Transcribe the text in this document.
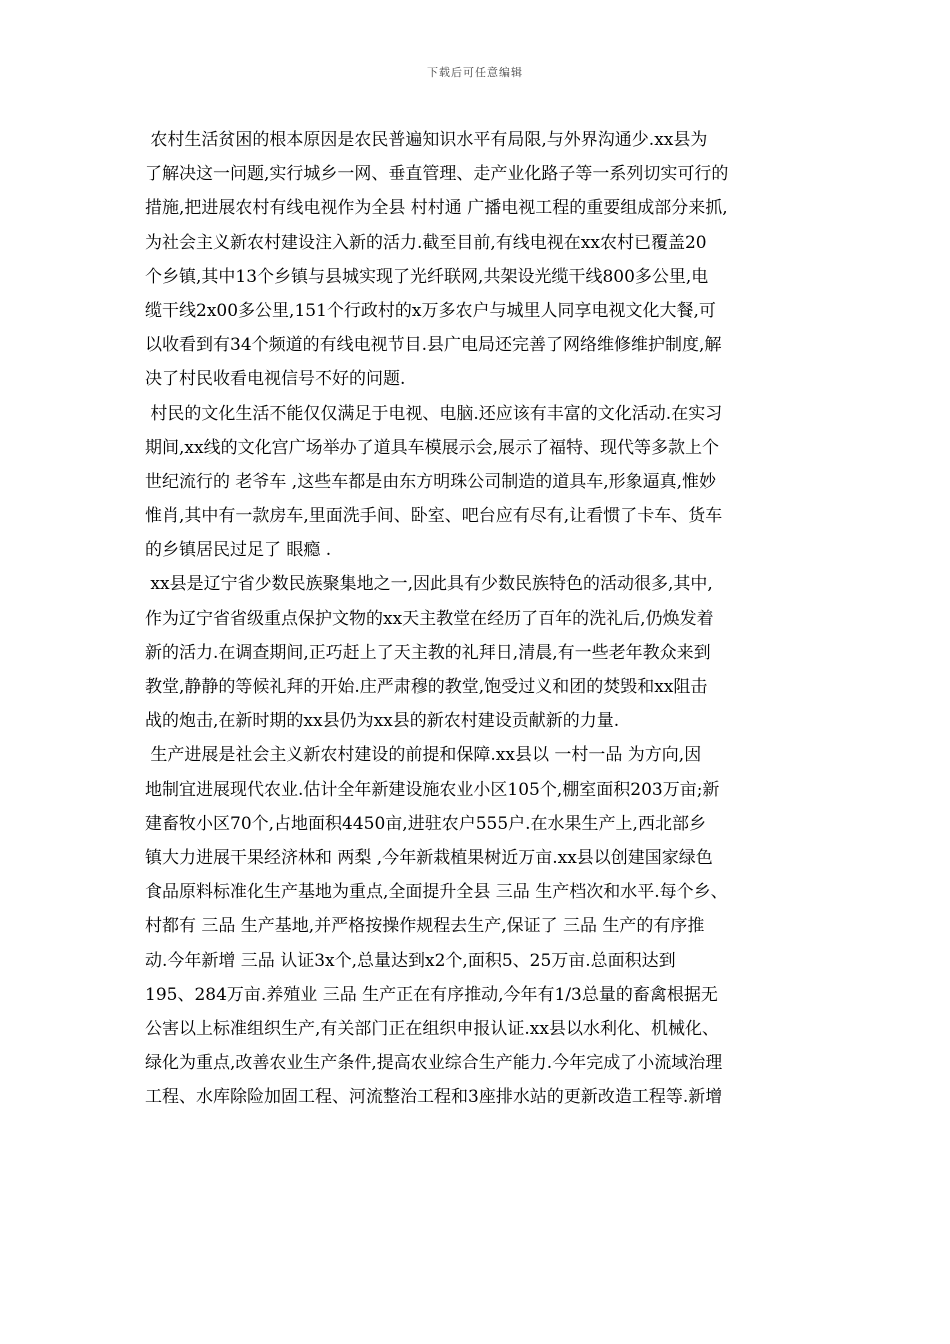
下载后可任意编辑
农村生活贫困的根本原因是农民普遍知识水平有局限,与外界沟通少.xx县为
了解决这一问题,实行城乡一网、垂直管理、走产业化路子等一系列切实可行的
措施,把进展农村有线电视作为全县 村村通 广播电视工程的重要组成部分来抓,
为社会主义新农村建设注入新的活力.截至目前,有线电视在xx农村已覆盖20
个乡镇,其中13个乡镇与县城实现了光纤联网,共架设光缆干线800多公里,电
缆干线2x00多公里,151个行政村的x万多农户与城里人同享电视文化大餐,可
以收看到有34个频道的有线电视节目.县广电局还完善了网络维修维护制度,解
决了村民收看电视信号不好的问题.
村民的文化生活不能仅仅满足于电视、电脑.还应该有丰富的文化活动.在实习
期间,xx线的文化宫广场举办了道具车模展示会,展示了福特、现代等多款上个
世纪流行的 老爷车 ,这些车都是由东方明珠公司制造的道具车,形象逼真,惟妙
惟肖,其中有一款房车,里面洗手间、卧室、吧台应有尽有,让看惯了卡车、货车
的乡镇居民过足了 眼瘾 .
xx县是辽宁省少数民族聚集地之一,因此具有少数民族特色的活动很多,其中,
作为辽宁省省级重点保护文物的xx天主教堂在经历了百年的洗礼后,仍焕发着
新的活力.在调查期间,正巧赶上了天主教的礼拜日,清晨,有一些老年教众来到
教堂,静静的等候礼拜的开始.庄严肃穆的教堂,饱受过义和团的焚毁和xx阻击
战的炮击,在新时期的xx县仍为xx县的新农村建设贡献新的力量.
生产进展是社会主义新农村建设的前提和保障.xx县以 一村一品 为方向,因
地制宜进展现代农业.估计全年新建设施农业小区105个,棚室面积203万亩;新
建畜牧小区70个,占地面积4450亩,进驻农户555户.在水果生产上,西北部乡
镇大力进展干果经济林和 两梨 ,今年新栽植果树近万亩.xx县以创建国家绿色
食品原料标准化生产基地为重点,全面提升全县 三品 生产档次和水平.每个乡、
村都有 三品 生产基地,并严格按操作规程去生产,保证了 三品 生产的有序推
动.今年新增 三品 认证3x个,总量达到x2个,面积5、25万亩.总面积达到
195、284万亩.养殖业 三品 生产正在有序推动,今年有1/3总量的畜禽根据无
公害以上标准组织生产,有关部门正在组织申报认证.xx县以水利化、机械化、
绿化为重点,改善农业生产条件,提高农业综合生产能力.今年完成了小流域治理
工程、水库除险加固工程、河流整治工程和3座排水站的更新改造工程等.新增
